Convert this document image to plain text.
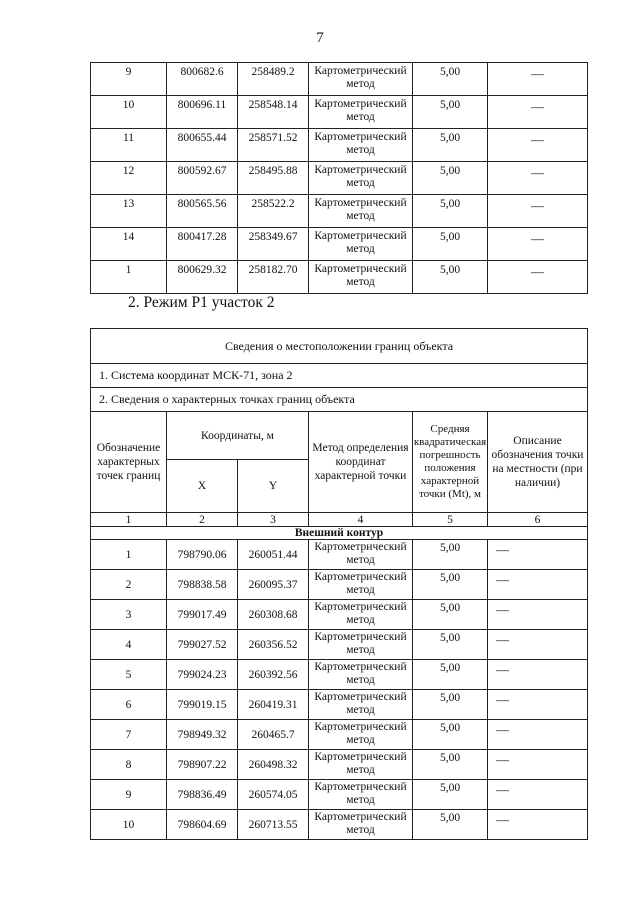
7
9	800682.6	258489.2	Картометрический метод	5,00	—
10	800696.11	258548.14	Картометрический метод	5,00	—
11	800655.44	258571.52	Картометрический метод	5,00	—
12	800592.67	258495.88	Картометрический метод	5,00	—
13	800565.56	258522.2	Картометрический метод	5,00	—
14	800417.28	258349.67	Картометрический метод	5,00	—
1	800629.32	258182.70	Картометрический метод	5,00	—
2. Режим Р1 участок 2
Сведения о местоположении границ объекта					
1. Система координат МСК-71, зона 2					
2. Сведения о характерных точках границ объекта					
Обозначение характерных точек границ	Координаты, м		Метод определения координат характерной точки	Средняя квадратическая погрешность положения характерной точки (Mt), м	Описание обозначения точки на местности (при наличии)
	X	Y			
1	2	3	4	5	6
Внешний контур					
1	798790.06	260051.44	Картометрический метод	5,00	—
2	798838.58	260095.37	Картометрический метод	5,00	—
3	799017.49	260308.68	Картометрический метод	5,00	—
4	799027.52	260356.52	Картометрический метод	5,00	—
5	799024.23	260392.56	Картометрический метод	5,00	—
6	799019.15	260419.31	Картометрический метод	5,00	—
7	798949.32	260465.7	Картометрический метод	5,00	—
8	798907.22	260498.32	Картометрический метод	5,00	—
9	798836.49	260574.05	Картометрический метод	5,00	—
10	798604.69	260713.55	Картометрический метод	5,00	—
